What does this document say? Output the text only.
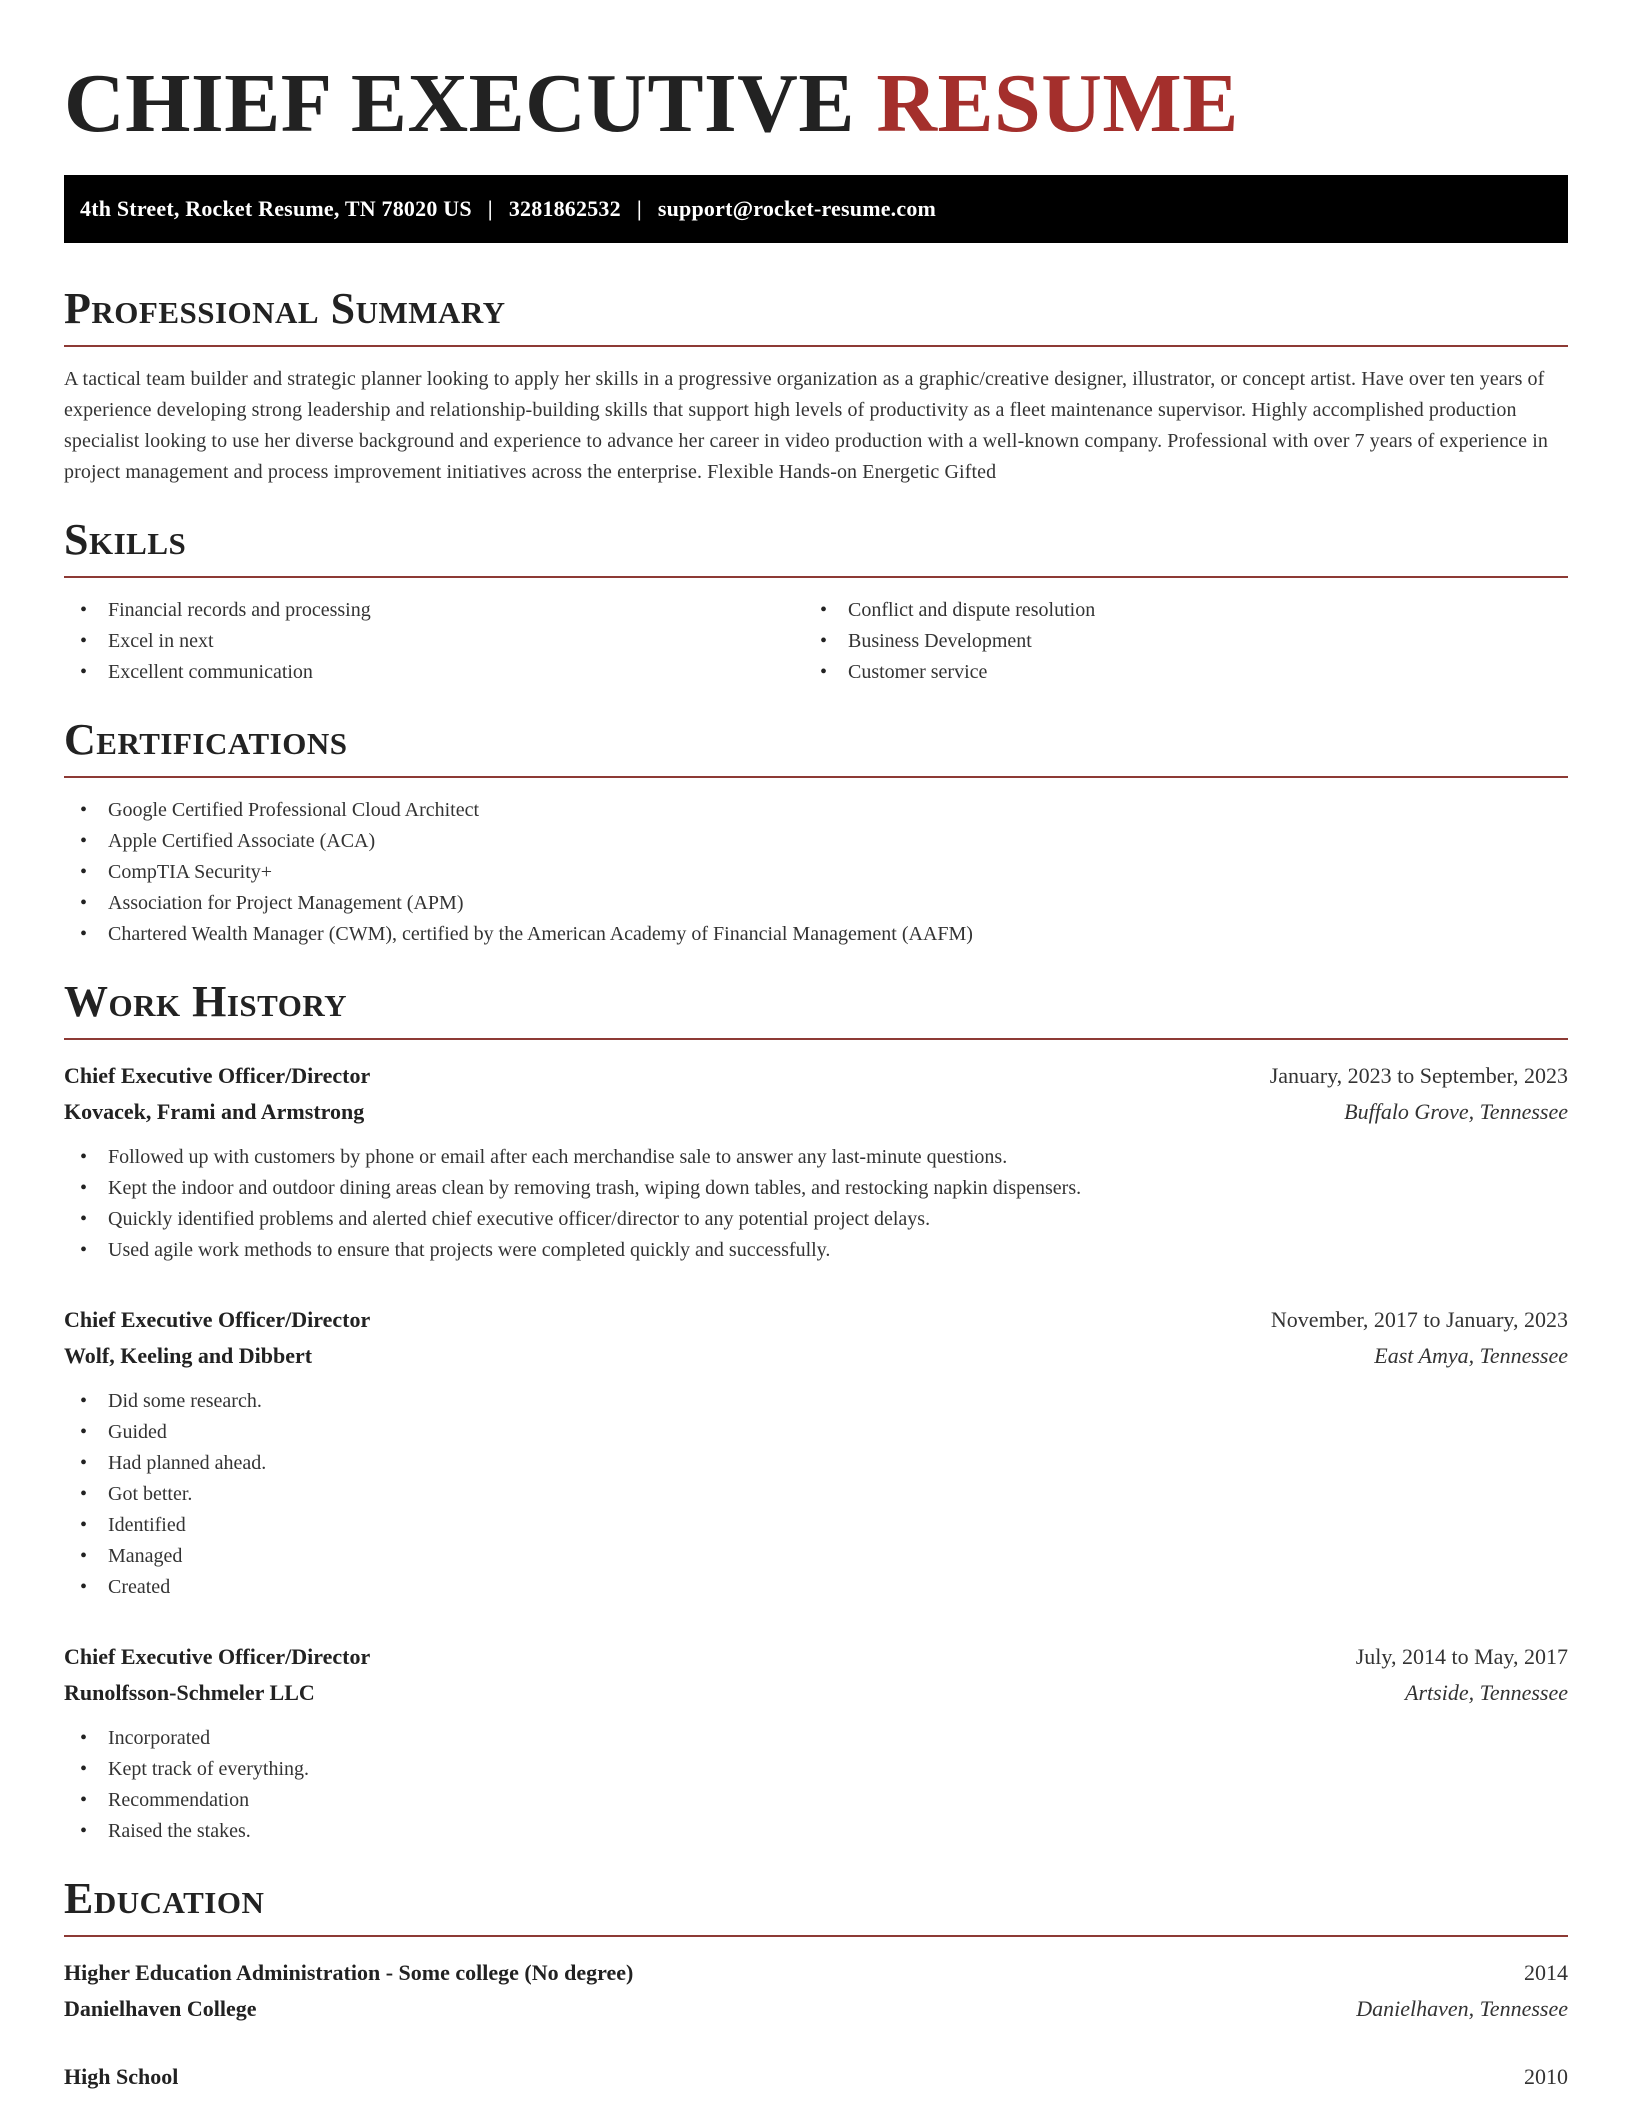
CHIEF EXECUTIVE RESUME
4th Street, Rocket Resume, TN 78020 US | 3281862532 | support@rocket-resume.com
Professional Summary

A tactical team builder and strategic planner looking to apply her skills in a progressive organization as a graphic/creative designer, illustrator, or concept artist. Have over ten years of experience developing strong leadership and relationship-building skills that support high levels of productivity as a fleet maintenance supervisor. Highly accomplished production specialist looking to use her diverse background and experience to advance her career in video production with a well-known company. Professional with over 7 years of experience in project management and process improvement initiatives across the enterprise. Flexible Hands-on Energetic Gifted

Skills
• Financial records and processing
• Excel in next
• Excellent communication
• Conflict and dispute resolution
• Business Development
• Customer service
Certifications
• Google Certified Professional Cloud Architect
• Apple Certified Associate (ACA)
• CompTIA Security+
• Association for Project Management (APM)
• Chartered Wealth Manager (CWM), certified by the American Academy of Financial Management (AAFM)
Work History
Chief Executive Officer/Director	January, 2023 to September, 2023
Kovacek, Frami and Armstrong	Buffalo Grove, Tennessee
• Followed up with customers by phone or email after each merchandise sale to answer any last-minute questions.
• Kept the indoor and outdoor dining areas clean by removing trash, wiping down tables, and restocking napkin dispensers.
• Quickly identified problems and alerted chief executive officer/director to any potential project delays.
• Used agile work methods to ensure that projects were completed quickly and successfully.
Chief Executive Officer/Director	November, 2017 to January, 2023
Wolf, Keeling and Dibbert	East Amya, Tennessee
• Did some research.
• Guided
• Had planned ahead.
• Got better.
• Identified
• Managed
• Created
Chief Executive Officer/Director	July, 2014 to May, 2017
Runolfsson-Schmeler LLC	Artside, Tennessee
• Incorporated
• Kept track of everything.
• Recommendation
• Raised the stakes.
Education
Higher Education Administration - Some college (No degree)	2014
Danielhaven College	Danielhaven, Tennessee
High School	2010
